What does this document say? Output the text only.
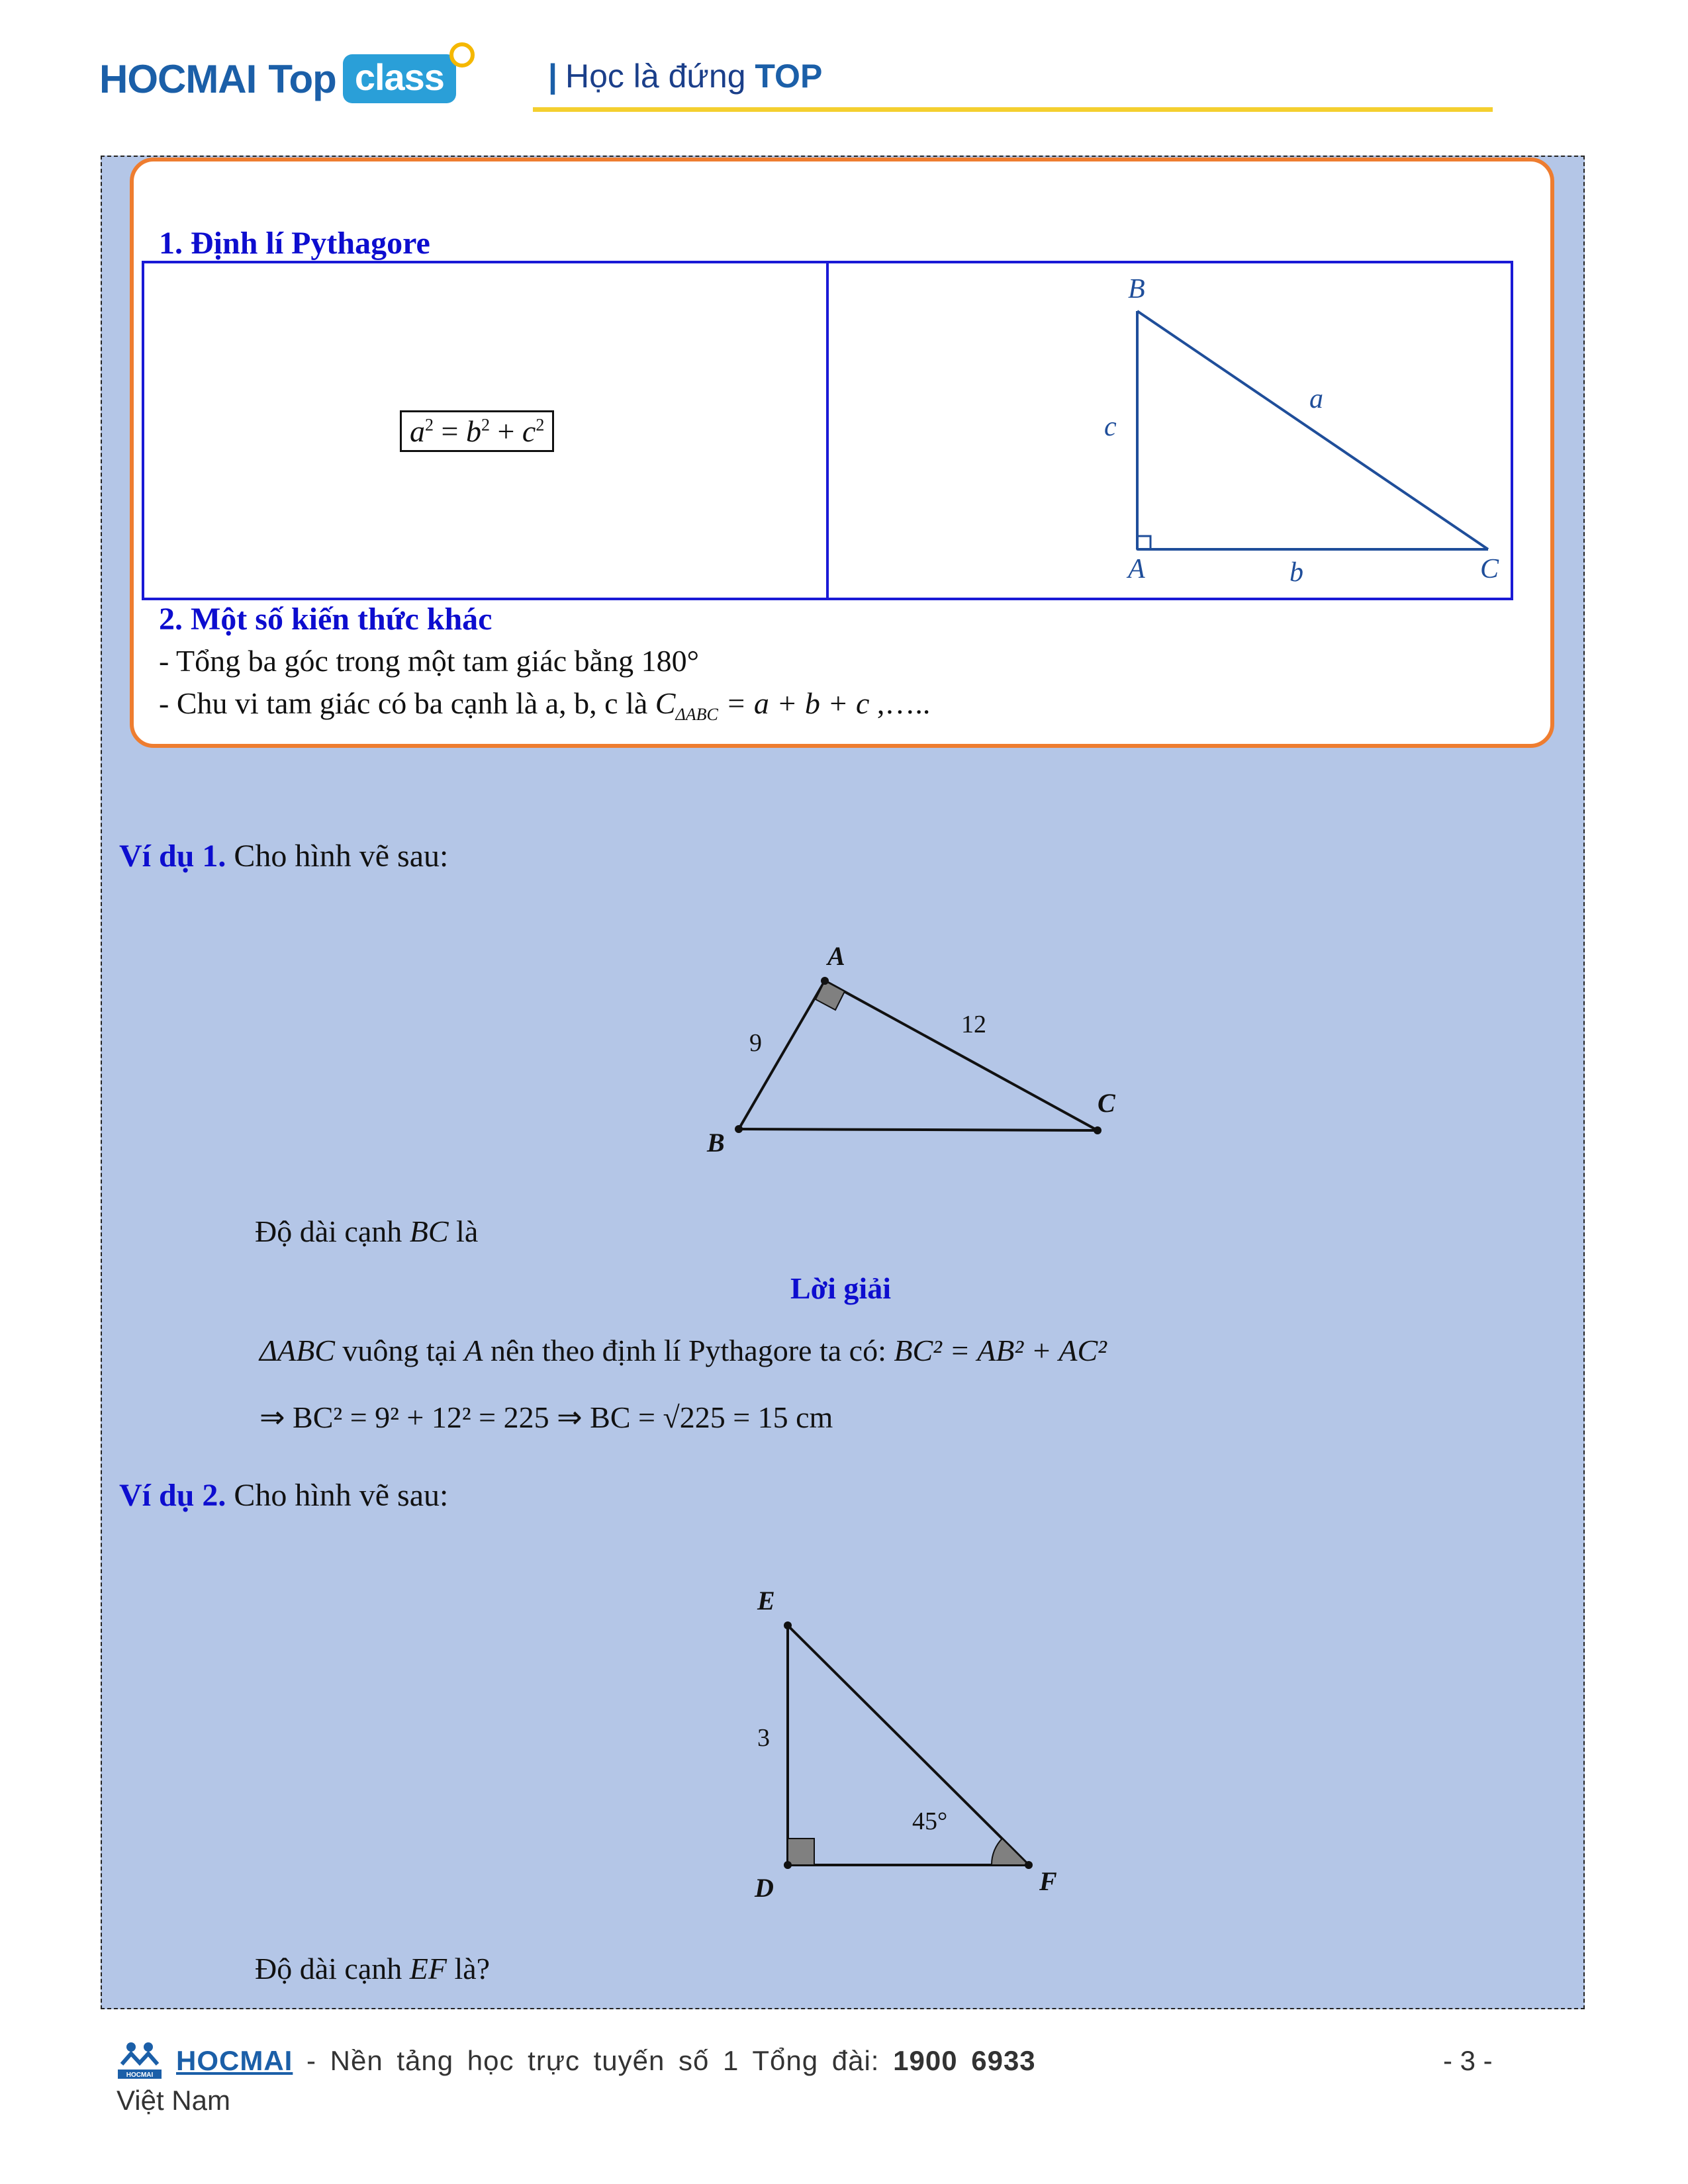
HOCMAI Top class	| Học là đứng TOP
1. Định lí Pythagore
B
A	C
a
b
c
$a^2 = b^2 + c^2$
2. Một số kiến thức khác
- Tổng ba góc trong một tam giác bằng 180°
- Chu vi tam giác có ba cạnh là a, b, c là $C_{\Delta ABC} = a + b + c$ ,…..
Ví dụ 1. Cho hình vẽ sau:
A
B
C
9
12
Độ dài cạnh BC là
Lời giải
ΔABC vuông tại A nên theo định lí Pythagore ta có: BC² = AB² + AC²
⇒ BC² = 9² + 12² = 225 ⇒ BC = √225 = 15 cm
Ví dụ 2. Cho hình vẽ sau:
E
D	F
3
45°
Độ dài cạnh EF là?
HOCMAI HOCMAI - Nền tảng học trực tuyến số 1 Tổng đài: 1900 6933	- 3 -
Việt Nam
